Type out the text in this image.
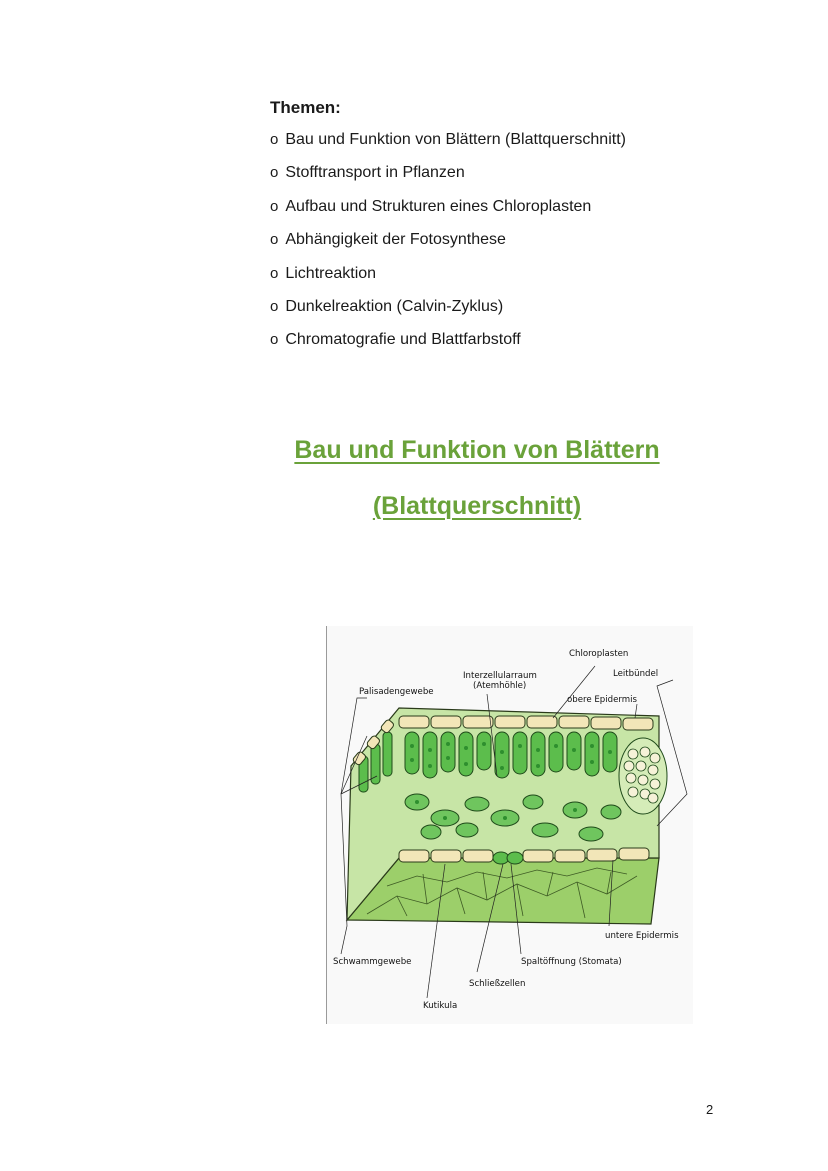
Themen:
o Bau und Funktion von Blättern (Blattquerschnitt)
o Stofftransport in Pflanzen
o Aufbau und Strukturen eines Chloroplasten
o Abhängigkeit der Fotosynthese
o Lichtreaktion
o Dunkelreaktion (Calvin-Zyklus)
o Chromatografie und Blattfarbstoff
Bau und Funktion von Blättern
(Blattquerschnitt)
Chloroplasten
Leitbündel
Interzellularraum
(Atemhöhle)
Palisadengewebe
obere Epidermis
Schwammgewebe
untere Epidermis
Spaltöffnung (Stomata)
Schließzellen
Kutikula
2
